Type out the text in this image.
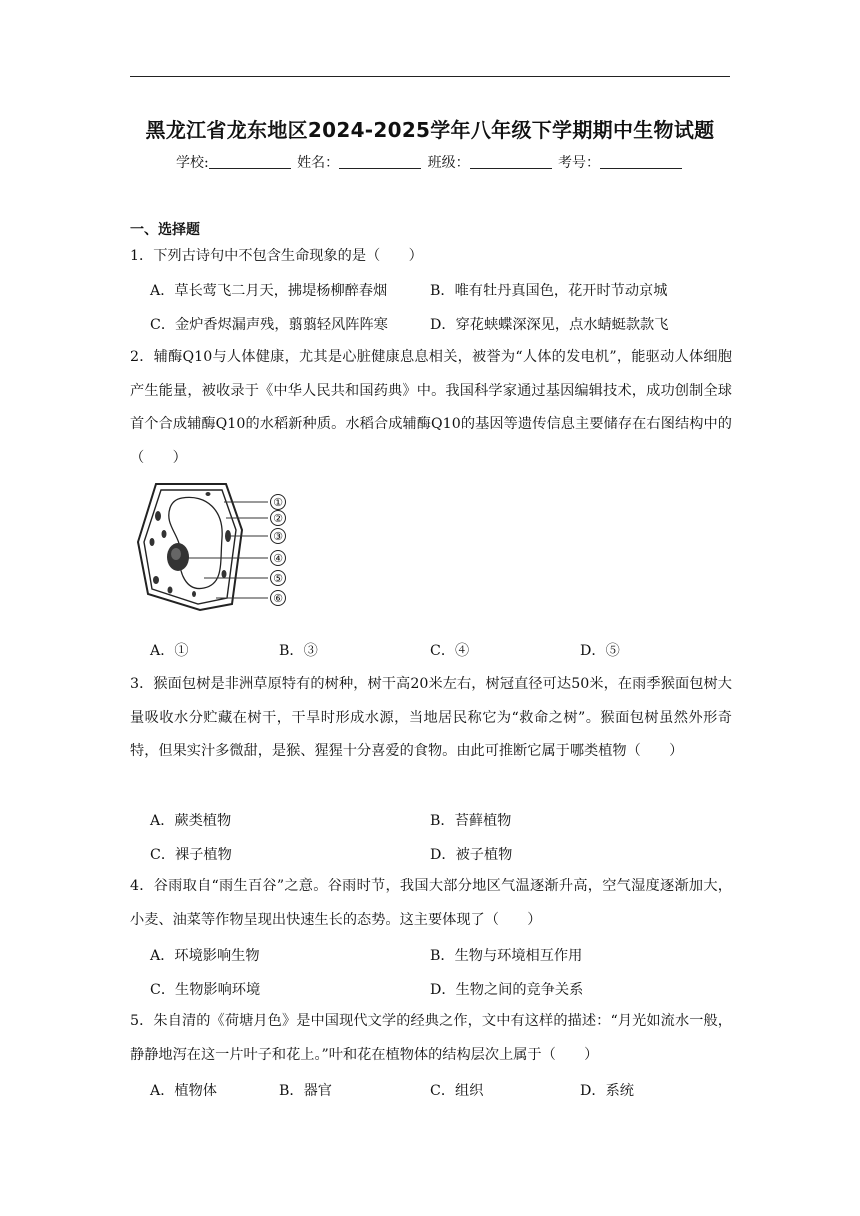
黑龙江省龙东地区2024-2025学年八年级下学期期中生物试题
学校:	姓名：	班级：	考号：
一、选择题
1．下列古诗句中不包含生命现象的是（　　）
A．草长莺飞二月天，拂堤杨柳醉春烟	B．唯有牡丹真国色，花开时节动京城
C．金炉香烬漏声残，翦翦轻风阵阵寒	D．穿花蛱蝶深深见，点水蜻蜓款款飞
2．辅酶Q10与人体健康，尤其是心脏健康息息相关，被誉为“人体的发电机”，能驱动人体细胞产生能量，被收录于《中华人民共和国药典》中。我国科学家通过基因编辑技术，成功创制全球首个合成辅酶Q10的水稻新种质。水稻合成辅酶Q10的基因等遗传信息主要储存在右图结构中的（　　）
①
②
③
④
⑤
⑥
A．①	B．③	C．④	D．⑤
3．猴面包树是非洲草原特有的树种，树干高20米左右，树冠直径可达50米，在雨季猴面包树大量吸收水分贮藏在树干，干旱时形成水源，当地居民称它为“救命之树”。猴面包树虽然外形奇特，但果实汁多微甜，是猴、猩猩十分喜爱的食物。由此可推断它属于哪类植物（　　）
A．蕨类植物	B．苔藓植物
C．裸子植物	D．被子植物
4．谷雨取自“雨生百谷”之意。谷雨时节，我国大部分地区气温逐渐升高，空气湿度逐渐加大，小麦、油菜等作物呈现出快速生长的态势。这主要体现了（　　）
A．环境影响生物	B．生物与环境相互作用
C．生物影响环境	D．生物之间的竞争关系
5．朱自清的《荷塘月色》是中国现代文学的经典之作，文中有这样的描述：“月光如流水一般，静静地泻在这一片叶子和花上。”叶和花在植物体的结构层次上属于（　　）
A．植物体	B．器官	C．组织	D．系统
